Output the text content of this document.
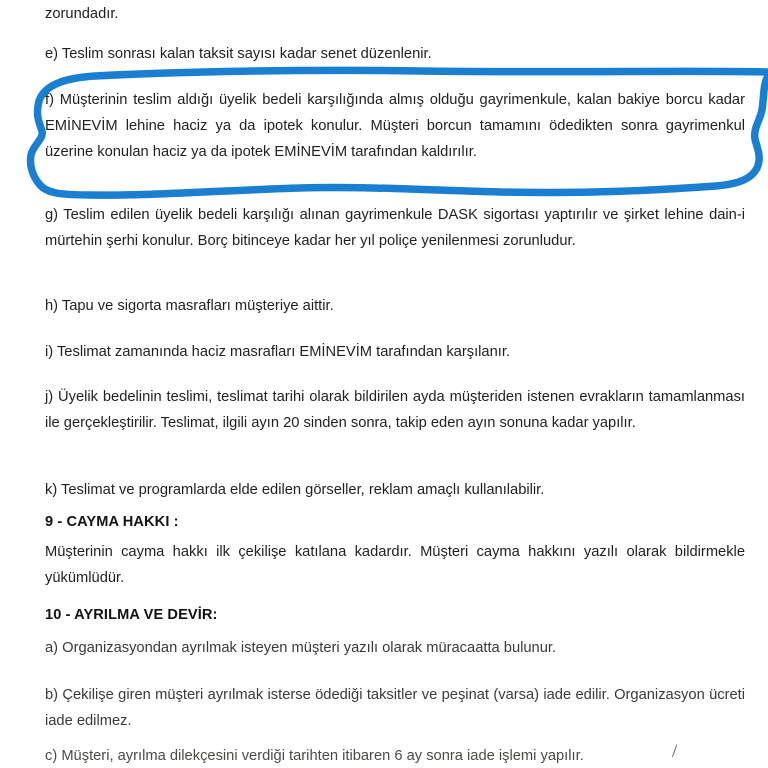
zorundadır.

e) Teslim sonrası kalan taksit sayısı kadar senet düzenlenir.

f) Müşterinin teslim aldığı üyelik bedeli karşılığında almış olduğu gayrimenkule, kalan bakiye borcu kadar EMİNEVİM lehine haciz ya da ipotek konulur. Müşteri borcun tamamını ödedikten sonra gayrimenkul üzerine konulan haciz ya da ipotek EMİNEVİM tarafından kaldırılır.

g) Teslim edilen üyelik bedeli karşılığı alınan gayrimenkule DASK sigortası yaptırılır ve şirket lehine dain-i mürtehin şerhi konulur. Borç bitinceye kadar her yıl poliçe yenilenmesi zorunludur.

h) Tapu ve sigorta masrafları müşteriye aittir.

i) Teslimat zamanında haciz masrafları EMİNEVİM tarafından karşılanır.

j) Üyelik bedelinin teslimi, teslimat tarihi olarak bildirilen ayda müşteriden istenen evrakların tamamlanması ile gerçekleştirilir. Teslimat, ilgili ayın 20 sinden sonra, takip eden ayın sonuna kadar yapılır.

k) Teslimat ve programlarda elde edilen görseller, reklam amaçlı kullanılabilir.

9 - CAYMA HAKKI :

Müşterinin cayma hakkı ilk çekilişe katılana kadardır. Müşteri cayma hakkını yazılı olarak bildirmekle yükümlüdür.

10 - AYRILMA VE DEVİR:

a) Organizasyondan ayrılmak isteyen müşteri yazılı olarak müracaatta bulunur.

b) Çekilişe giren müşteri ayrılmak isterse ödediği taksitler ve peşinat (varsa) iade edilir. Organizasyon ücreti iade edilmez.

c) Müşteri, ayrılma dilekçesini verdiği tarihten itibaren 6 ay sonra iade işlemi yapılır.	/
